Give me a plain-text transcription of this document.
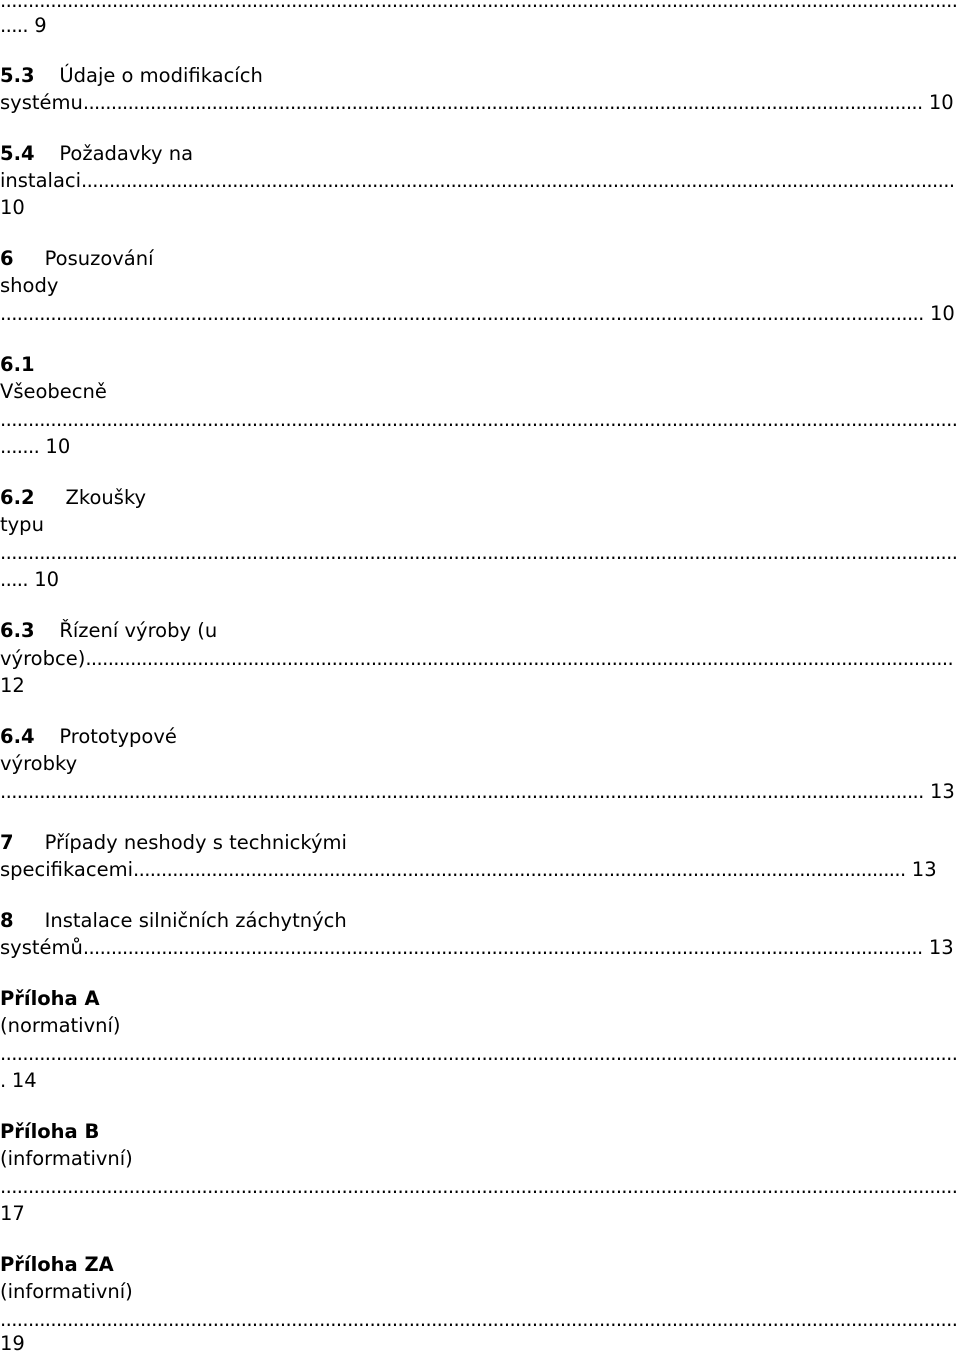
...........................................................................................................................................................................
..... 9
5.3 Údaje o modifikacích
systému...................................................................................................................................................... 10
5.4 Požadavky na
instalaci............................................................................................................................................................
10
6 Posuzování
shody
..................................................................................................................................................................... 10
6.1
Všeobecně
...........................................................................................................................................................................
....... 10
6.2 Zkoušky
typu
...........................................................................................................................................................................
..... 10
6.3 Řízení výroby (u
výrobce)...........................................................................................................................................................
12
6.4 Prototypové
výrobky
..................................................................................................................................................................... 13
7 Případy neshody s technickými
specifikacemi.......................................................................................................................................... 13
8 Instalace silničních záchytných
systémů...................................................................................................................................................... 13
Příloha A
(normativní)
...........................................................................................................................................................................
. 14
Příloha B
(informativní)
...........................................................................................................................................................................
17
Příloha ZA
(informativní)
...........................................................................................................................................................................
19
